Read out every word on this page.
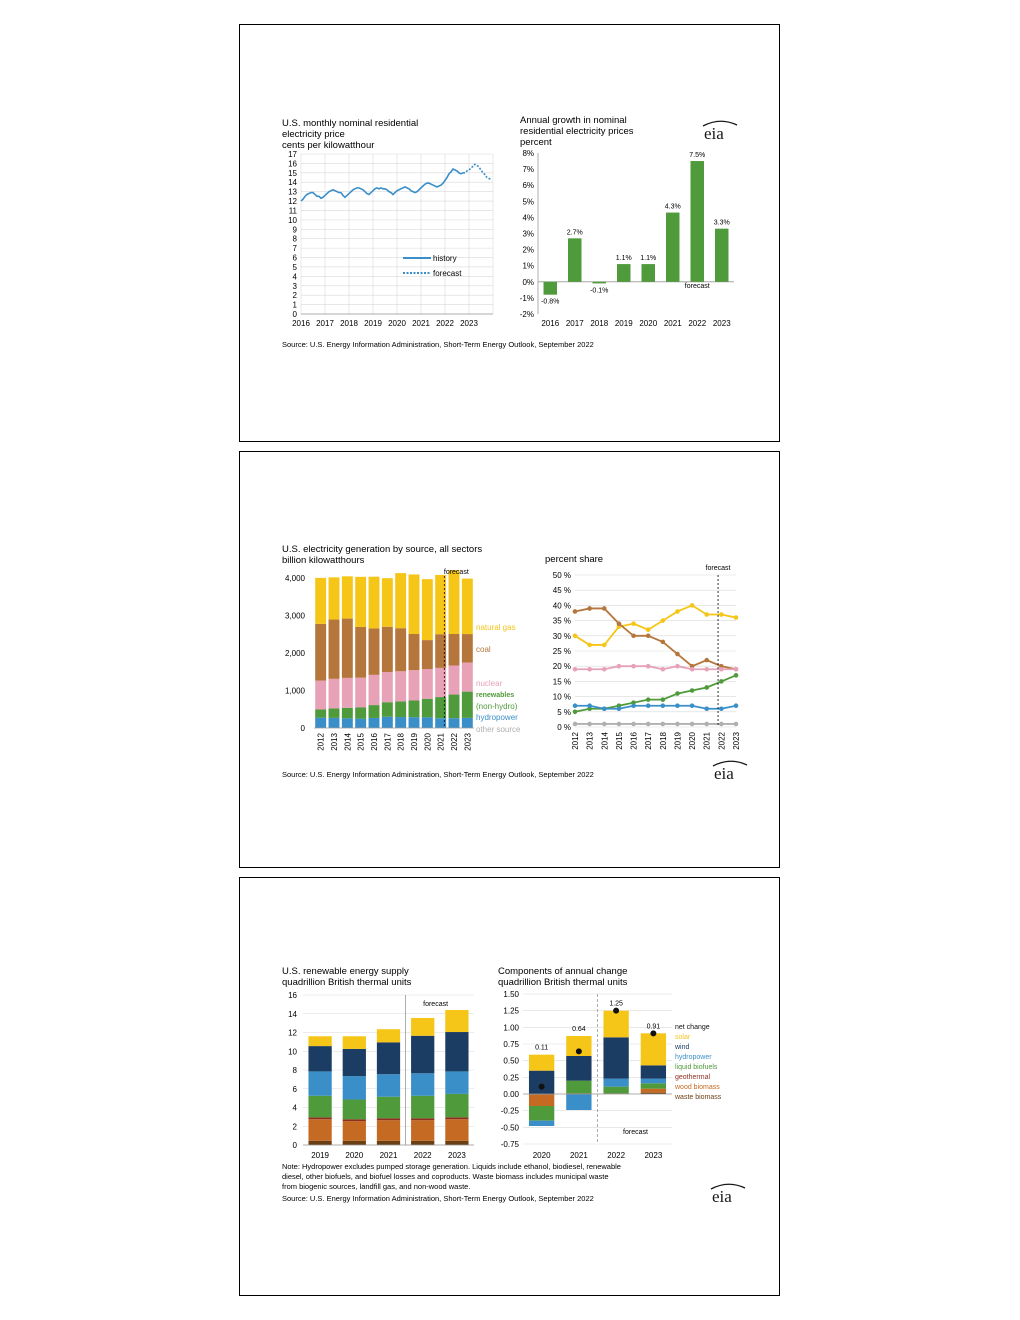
U.S. monthly nominal residential
electricity price
cents per kilowatthour
0
1
2
3
4
5
6
7
8
9
10
11
12
13
14
15
16
17
2016 2017 2018 2019 2020 2021 2022 2023
history
forecast
Annual growth in nominal
residential electricity prices
percent	eia
-2%
-1%
0%
1%
2%
3%
4%
5%
6%
7%
8%
-0.8%
2016
2.7%
2017
-0.1%
2018
1.1%
2019
1.1%
2020
4.3%
2021
7.5%
2022
3.3%
2023
forecast
Source: U.S. Energy Information Administration, Short-Term Energy Outlook, September 2022
U.S. electricity generation by source, all sectors
billion kilowatthours
0
1,000
2,000
3,000
4,000
2012 2013 2014 2015 2016 2017 2018 2019 2020 2021 2022 2023
forecast
natural gas
coal
nuclear
renewables
(non-hydro)
hydropower
other source
percent share
0 %
5 %
10 %
15 %
20 %
25 %
30 %
35 %
40 %
45 %
50 %
2012 2013 2014 2015 2016 2017 2018 2019 2020 2021 2022 2023
forecast
Source: U.S. Energy Information Administration, Short-Term Energy Outlook, September 2022	eia
U.S. renewable energy supply
quadrillion British thermal units
0
2
4
6
8
10
12
14
16
2019 2020 2021 2022 2023
forecast
Components of annual change
quadrillion British thermal units
-0.75
-0.50
-0.25
0.00
0.25
0.50
0.75
1.00
1.25
1.50
0.11
2020
0.64
2021
1.25
2022
0.91
2023
forecast
net change
solar
wind
hydropower
liquid biofuels
geothermal
wood biomass
waste biomass
Note: Hydropower excludes pumped storage generation. Liquids include ethanol, biodiesel, renewable
diesel, other biofuels, and biofuel losses and coproducts. Waste biomass includes municipal waste
from biogenic sources, landfill gas, and non-wood waste.
Source: U.S. Energy Information Administration, Short-Term Energy Outlook, September 2022	eia
